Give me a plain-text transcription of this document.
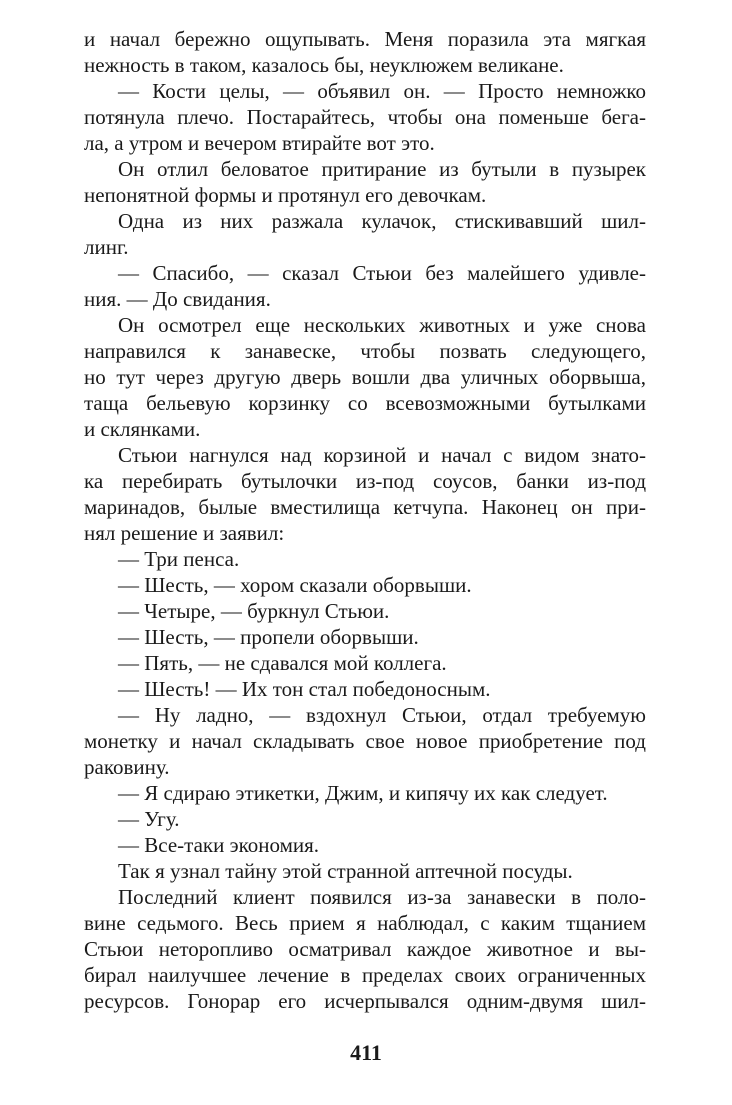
и начал бережно ощупывать. Меня поразила эта мягкая
нежность в таком, казалось бы, неуклюжем великане.
— Кости целы, — объявил он. — Просто немножко
потянула плечо. Постарайтесь, чтобы она поменьше бега-
ла, а утром и вечером втирайте вот это.
Он отлил беловатое притирание из бутыли в пузырек
непонятной формы и протянул его девочкам.
Одна из них разжала кулачок, стискивавший шил-
линг.
— Спасибо, — сказал Стьюи без малейшего удивле-
ния. — До свидания.
Он осмотрел еще нескольких животных и уже снова
направился к занавеске, чтобы позвать следующего,
но тут через другую дверь вошли два уличных оборвыша,
таща бельевую корзинку со всевозможными бутылками
и склянками.
Стьюи нагнулся над корзиной и начал с видом знато-
ка перебирать бутылочки из-под соусов, банки из-под
маринадов, былые вместилища кетчупа. Наконец он при-
нял решение и заявил:
— Три пенса.
— Шесть, — хором сказали оборвыши.
— Четыре, — буркнул Стьюи.
— Шесть, — пропели оборвыши.
— Пять, — не сдавался мой коллега.
— Шесть! — Их тон стал победоносным.
— Ну ладно, — вздохнул Стьюи, отдал требуемую
монетку и начал складывать свое новое приобретение под
раковину.
— Я сдираю этикетки, Джим, и кипячу их как следует.
— Угу.
— Все-таки экономия.
Так я узнал тайну этой странной аптечной посуды.
Последний клиент появился из-за занавески в поло-
вине седьмого. Весь прием я наблюдал, с каким тщанием
Стьюи неторопливо осматривал каждое животное и вы-
бирал наилучшее лечение в пределах своих ограниченных
ресурсов. Гонорар его исчерпывался одним-двумя шил-
411
